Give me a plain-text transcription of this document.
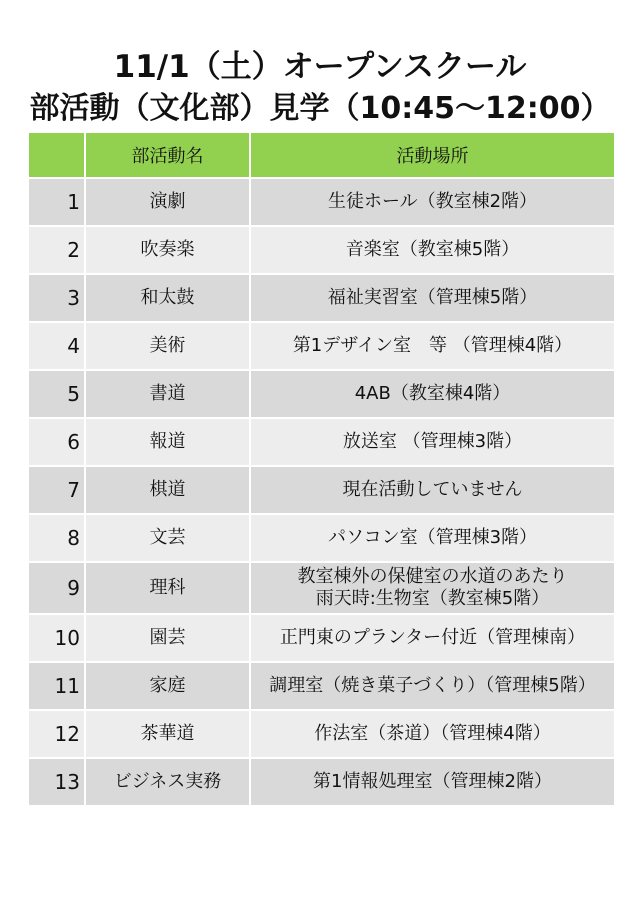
11/1（土）オープンスクール
部活動（文化部）見学（10:45～12:00）
	部活動名	活動場所
1	演劇	生徒ホール（教室棟2階）

2	吹奏楽	音楽室（教室棟5階）

3	和太鼓	福祉実習室（管理棟5階）

4	美術	第1デザイン室　等 （管理棟4階）

5	書道	4AB（教室棟4階）

6	報道	放送室 （管理棟3階）

7	棋道	現在活動していません

8	文芸	パソコン室（管理棟3階）

9	理科	教室棟外の保健室の水道のあたり
雨天時:生物室（教室棟5階）

10	園芸	正門東のプランター付近（管理棟南）

11	家庭	調理室（焼き菓子づくり）（管理棟5階）

12	茶華道	作法室（茶道）（管理棟4階）

13	ビジネス実務	第1情報処理室（管理棟2階）
